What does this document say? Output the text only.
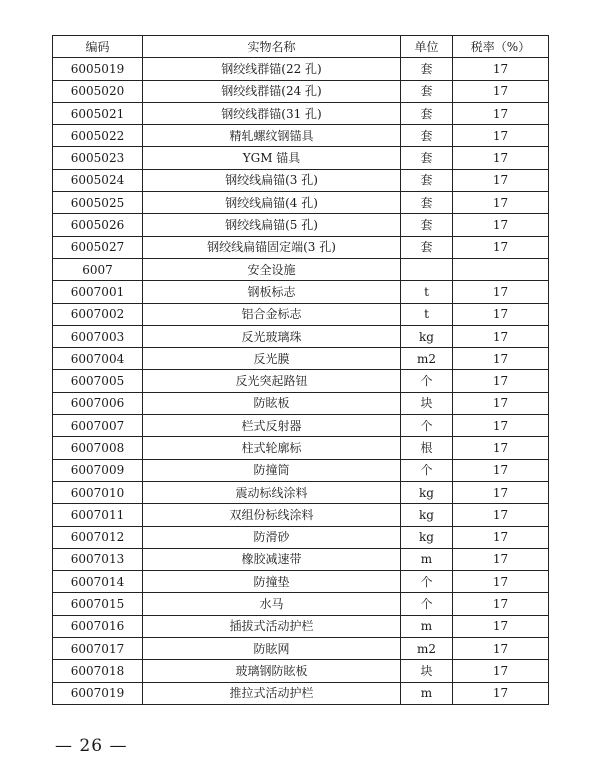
编码	实物名称	单位	税率（%）
6005019	钢绞线群锚(22 孔)	套	17
6005020	钢绞线群锚(24 孔)	套	17
6005021	钢绞线群锚(31 孔)	套	17
6005022	精轧螺纹钢锚具	套	17
6005023	YGM 锚具	套	17
6005024	钢绞线扁锚(3 孔)	套	17
6005025	钢绞线扁锚(4 孔)	套	17
6005026	钢绞线扁锚(5 孔)	套	17
6005027	钢绞线扁锚固定端(3 孔)	套	17
6007	安全设施		
6007001	钢板标志	t	17
6007002	铝合金标志	t	17
6007003	反光玻璃珠	kg	17
6007004	反光膜	m2	17
6007005	反光突起路钮	个	17
6007006	防眩板	块	17
6007007	栏式反射器	个	17
6007008	柱式轮廓标	根	17
6007009	防撞筒	个	17
6007010	震动标线涂料	kg	17
6007011	双组份标线涂料	kg	17
6007012	防滑砂	kg	17
6007013	橡胶减速带	m	17
6007014	防撞垫	个	17
6007015	水马	个	17
6007016	插拔式活动护栏	m	17
6007017	防眩网	m2	17
6007018	玻璃钢防眩板	块	17
6007019	推拉式活动护栏	m	17
— 26 —
